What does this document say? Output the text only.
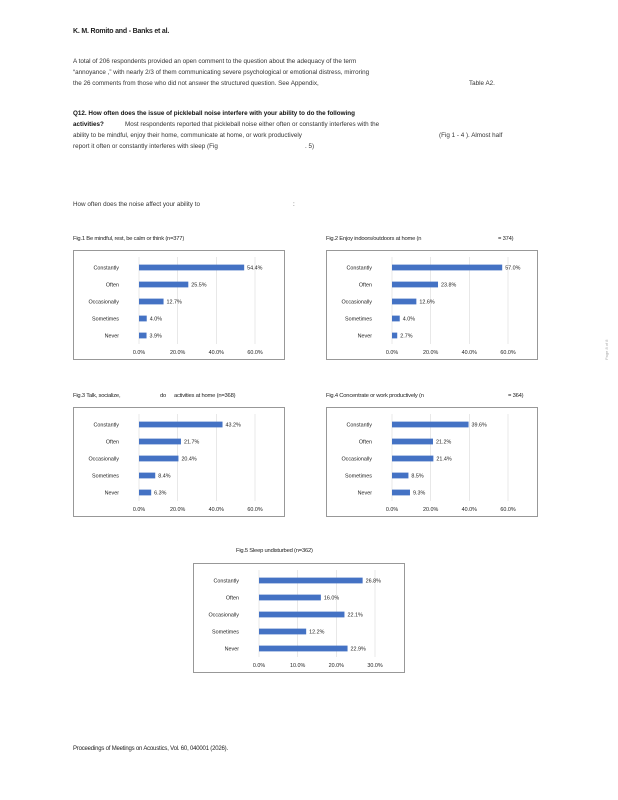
K. M. Romito and - Banks et al.
A total of 206 respondents provided an open comment to the question about the adequacy of the term
“annoyance ,” with nearly 2/3 of them communicating severe psychological or emotional distress, mirroring
the 26 comments from those who did not answer the structured question. See Appendix,	Table A2.
Q12. How often does the issue of pickleball noise interfere with your ability to do the following
activities?	Most respondents reported that pickleball noise either often or constantly interferes with the
ability to be mindful, enjoy their home, communicate at home, or work productively	(Fig 1 - 4 ). Almost half
report it often or constantly interferes with sleep (Fig	. 5)
How often does the noise affect your ability to	:
Fig.1 Be mindful, rest, be calm or think (n=377)
0.0%	20.0%	40.0%	60.0%
Constantly	54.4%
Often	25.5%
Occasionally	12.7%
Sometimes	4.0%
Never	3.9%
Fig.2 Enjoy indoors/outdoors at home (n	= 374)
0.0%	20.0%	40.0%	60.0%
Constantly	57.0%
Often	23.8%
Occasionally	12.6%
Sometimes	4.0%
Never	2.7%
Fig.3 Talk, socialize,	do activities at home (n=368)
0.0%	20.0%	40.0%	60.0%
Constantly	43.2%
Often	21.7%
Occasionally	20.4%
Sometimes	8.4%
Never	6.3%
Fig.4 Concentrate or work productively (n	= 364)
0.0%	20.0%	40.0%	60.0%
Constantly	39.6%
Often	21.2%
Occasionally	21.4%
Sometimes	8.5%
Never	9.3%
Fig.5 Sleep undisturbed (n=362)
0.0%	10.0%	20.0%	30.0%
Constantly	26.8%
Often	16.0%
Occasionally	22.1%
Sometimes	12.2%
Never	22.9%
Proceedings of Meetings on Acoustics, Vol. 60, 040001 (2026).
Page 8 of 8
